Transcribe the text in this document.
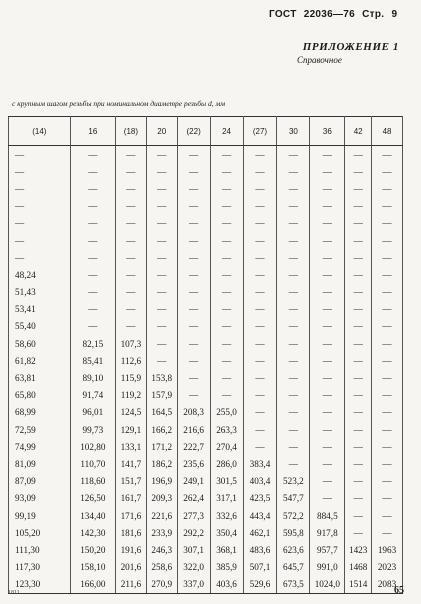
ГОСТ 22036—76 Стр. 9
ПРИЛОЖЕНИЕ 1
Справочное
с крупным шагом резьбы при номинальном диаметре резьбы d, мм
(14)	16	(18)	20	(22)	24	(27)	30	36	42	48
—	—	—	—	—	—	—	—	—	—	—
—	—	—	—	—	—	—	—	—	—	—
—	—	—	—	—	—	—	—	—	—	—
—	—	—	—	—	—	—	—	—	—	—
—	—	—	—	—	—	—	—	—	—	—
—	—	—	—	—	—	—	—	—	—	—
—	—	—	—	—	—	—	—	—	—	—
48,24	—	—	—	—	—	—	—	—	—	—
51,43	—	—	—	—	—	—	—	—	—	—
53,41	—	—	—	—	—	—	—	—	—	—
55,40	—	—	—	—	—	—	—	—	—	—
58,60	82,15	107,3	—	—	—	—	—	—	—	—
61,82	85,41	112,6	—	—	—	—	—	—	—	—
63,81	89,10	115,9	153,8	—	—	—	—	—	—	—
65,80	91,74	119,2	157,9	—	—	—	—	—	—	—
68,99	96,01	124,5	164,5	208,3	255,0	—	—	—	—	—
72,59	99,73	129,1	166,2	216,6	263,3	—	—	—	—	—
74,99	102,80	133,1	171,2	222,7	270,4	—	—	—	—	—
81,09	110,70	141,7	186,2	235,6	286,0	383,4	—	—	—	—
87,09	118,60	151,7	196,9	249,1	301,5	403,4	523,2	—	—	—
93,09	126,50	161,7	209,3	262,4	317,1	423,5	547,7	—	—	—
99,19	134,40	171,6	221,6	277,3	332,6	443,4	572,2	884,5	—	—
105,20	142,30	181,6	233,9	292,2	350,4	462,1	595,8	917,8	—	—
111,30	150,20	191,6	246,3	307,1	368,1	483,6	623,6	957,7	1423	1963
117,30	158,10	201,6	258,6	322,0	385,9	507,1	645,7	991,0	1468	2023
123,30	166,00	211,6	270,9	337,0	403,6	529,6	673,5	1024,0	1514	2083
1811	65
